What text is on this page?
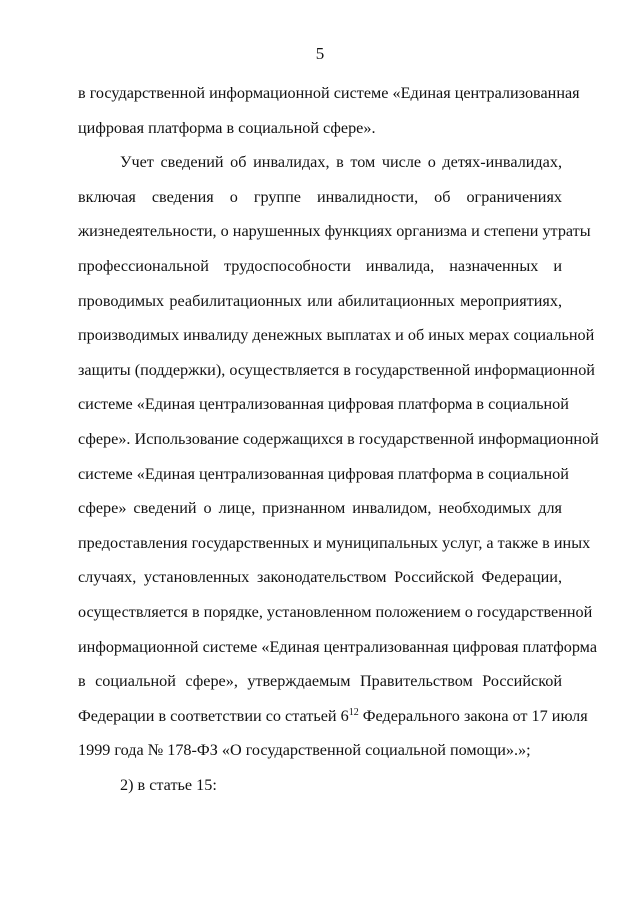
5
в государственной информационной системе «Единая централизованная
цифровая платформа в социальной сфере».
Учет сведений об инвалидах, в том числе о детях-инвалидах,
включая сведения о группе инвалидности, об ограничениях
жизнедеятельности, о нарушенных функциях организма и степени утраты
профессиональной трудоспособности инвалида, назначенных и
проводимых реабилитационных или абилитационных мероприятиях,
производимых инвалиду денежных выплатах и об иных мерах социальной
защиты (поддержки), осуществляется в государственной информационной
системе «Единая централизованная цифровая платформа в социальной
сфере». Использование содержащихся в государственной информационной
системе «Единая централизованная цифровая платформа в социальной
сфере» сведений о лице, признанном инвалидом, необходимых для
предоставления государственных и муниципальных услуг, а также в иных
случаях, установленных законодательством Российской Федерации,
осуществляется в порядке, установленном положением о государственной
информационной системе «Единая централизованная цифровая платформа
в социальной сфере», утверждаемым Правительством Российской
Федерации в соответствии со статьей $6^{12}$ Федерального закона от 17 июля
1999 года № 178-ФЗ «О государственной социальной помощи».»;
2) в статье 15:
